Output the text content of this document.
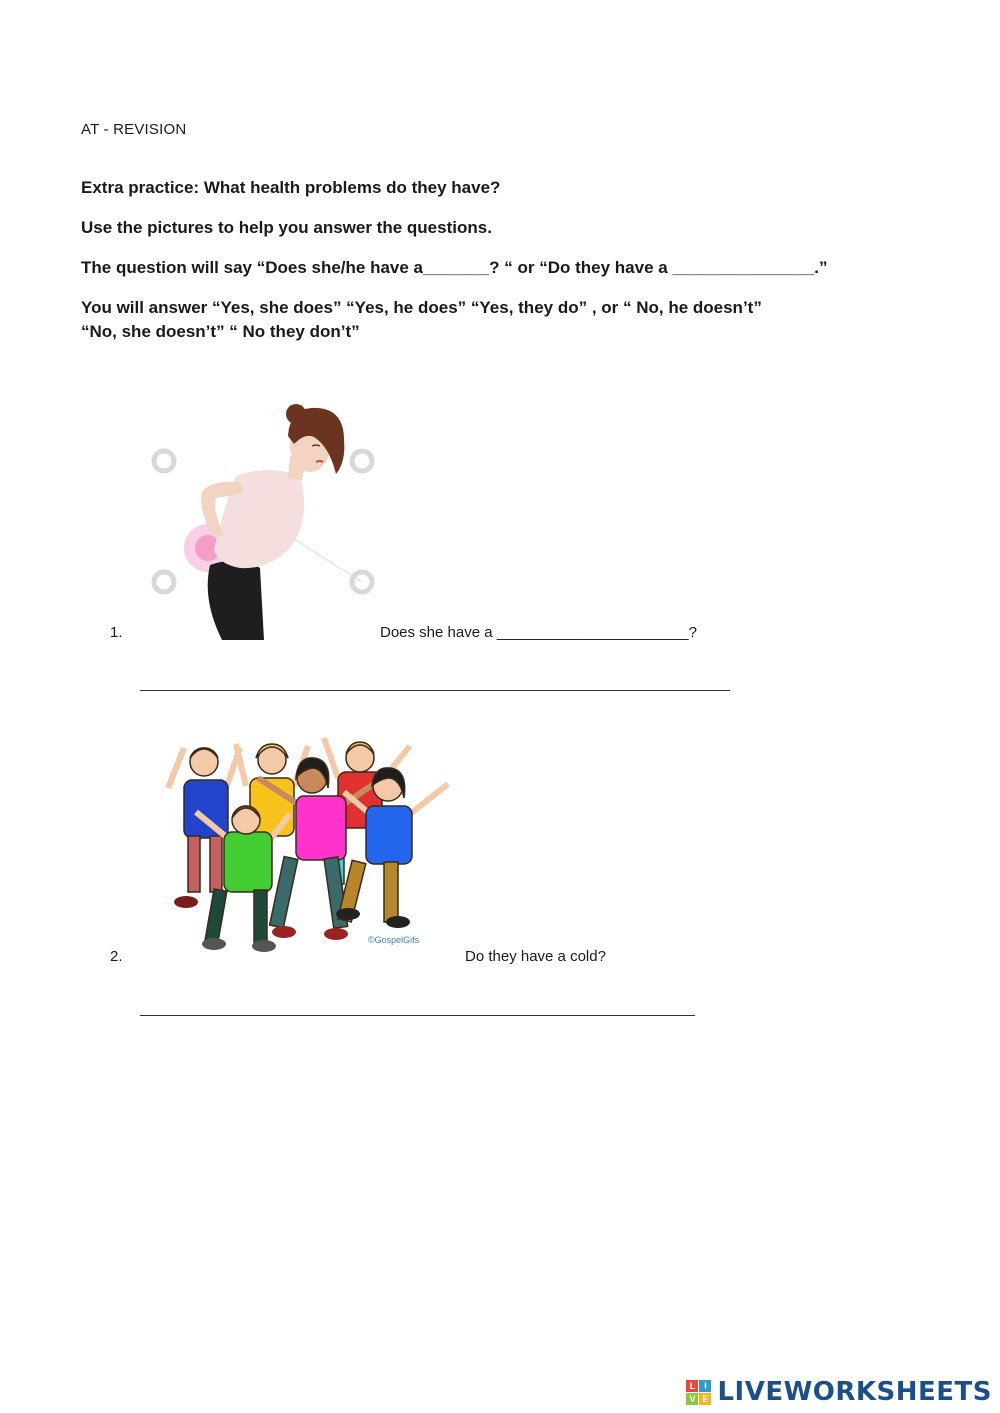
AT - REVISION
Extra practice: What health problems do they have?
Use the pictures to help you answer the questions.
The question will say “Does she/he have a_______? “ or “Do they have a _______________.”
You will answer “Yes, she does” “Yes, he does” “Yes, they do” , or “ No, he doesn’t”
“No, she doesn’t” “ No they don’t”
1.	Does she have a _______________________?
©GospelGifs
2.	Do they have a cold?
L I
V E LIVEWORKSHEETS
